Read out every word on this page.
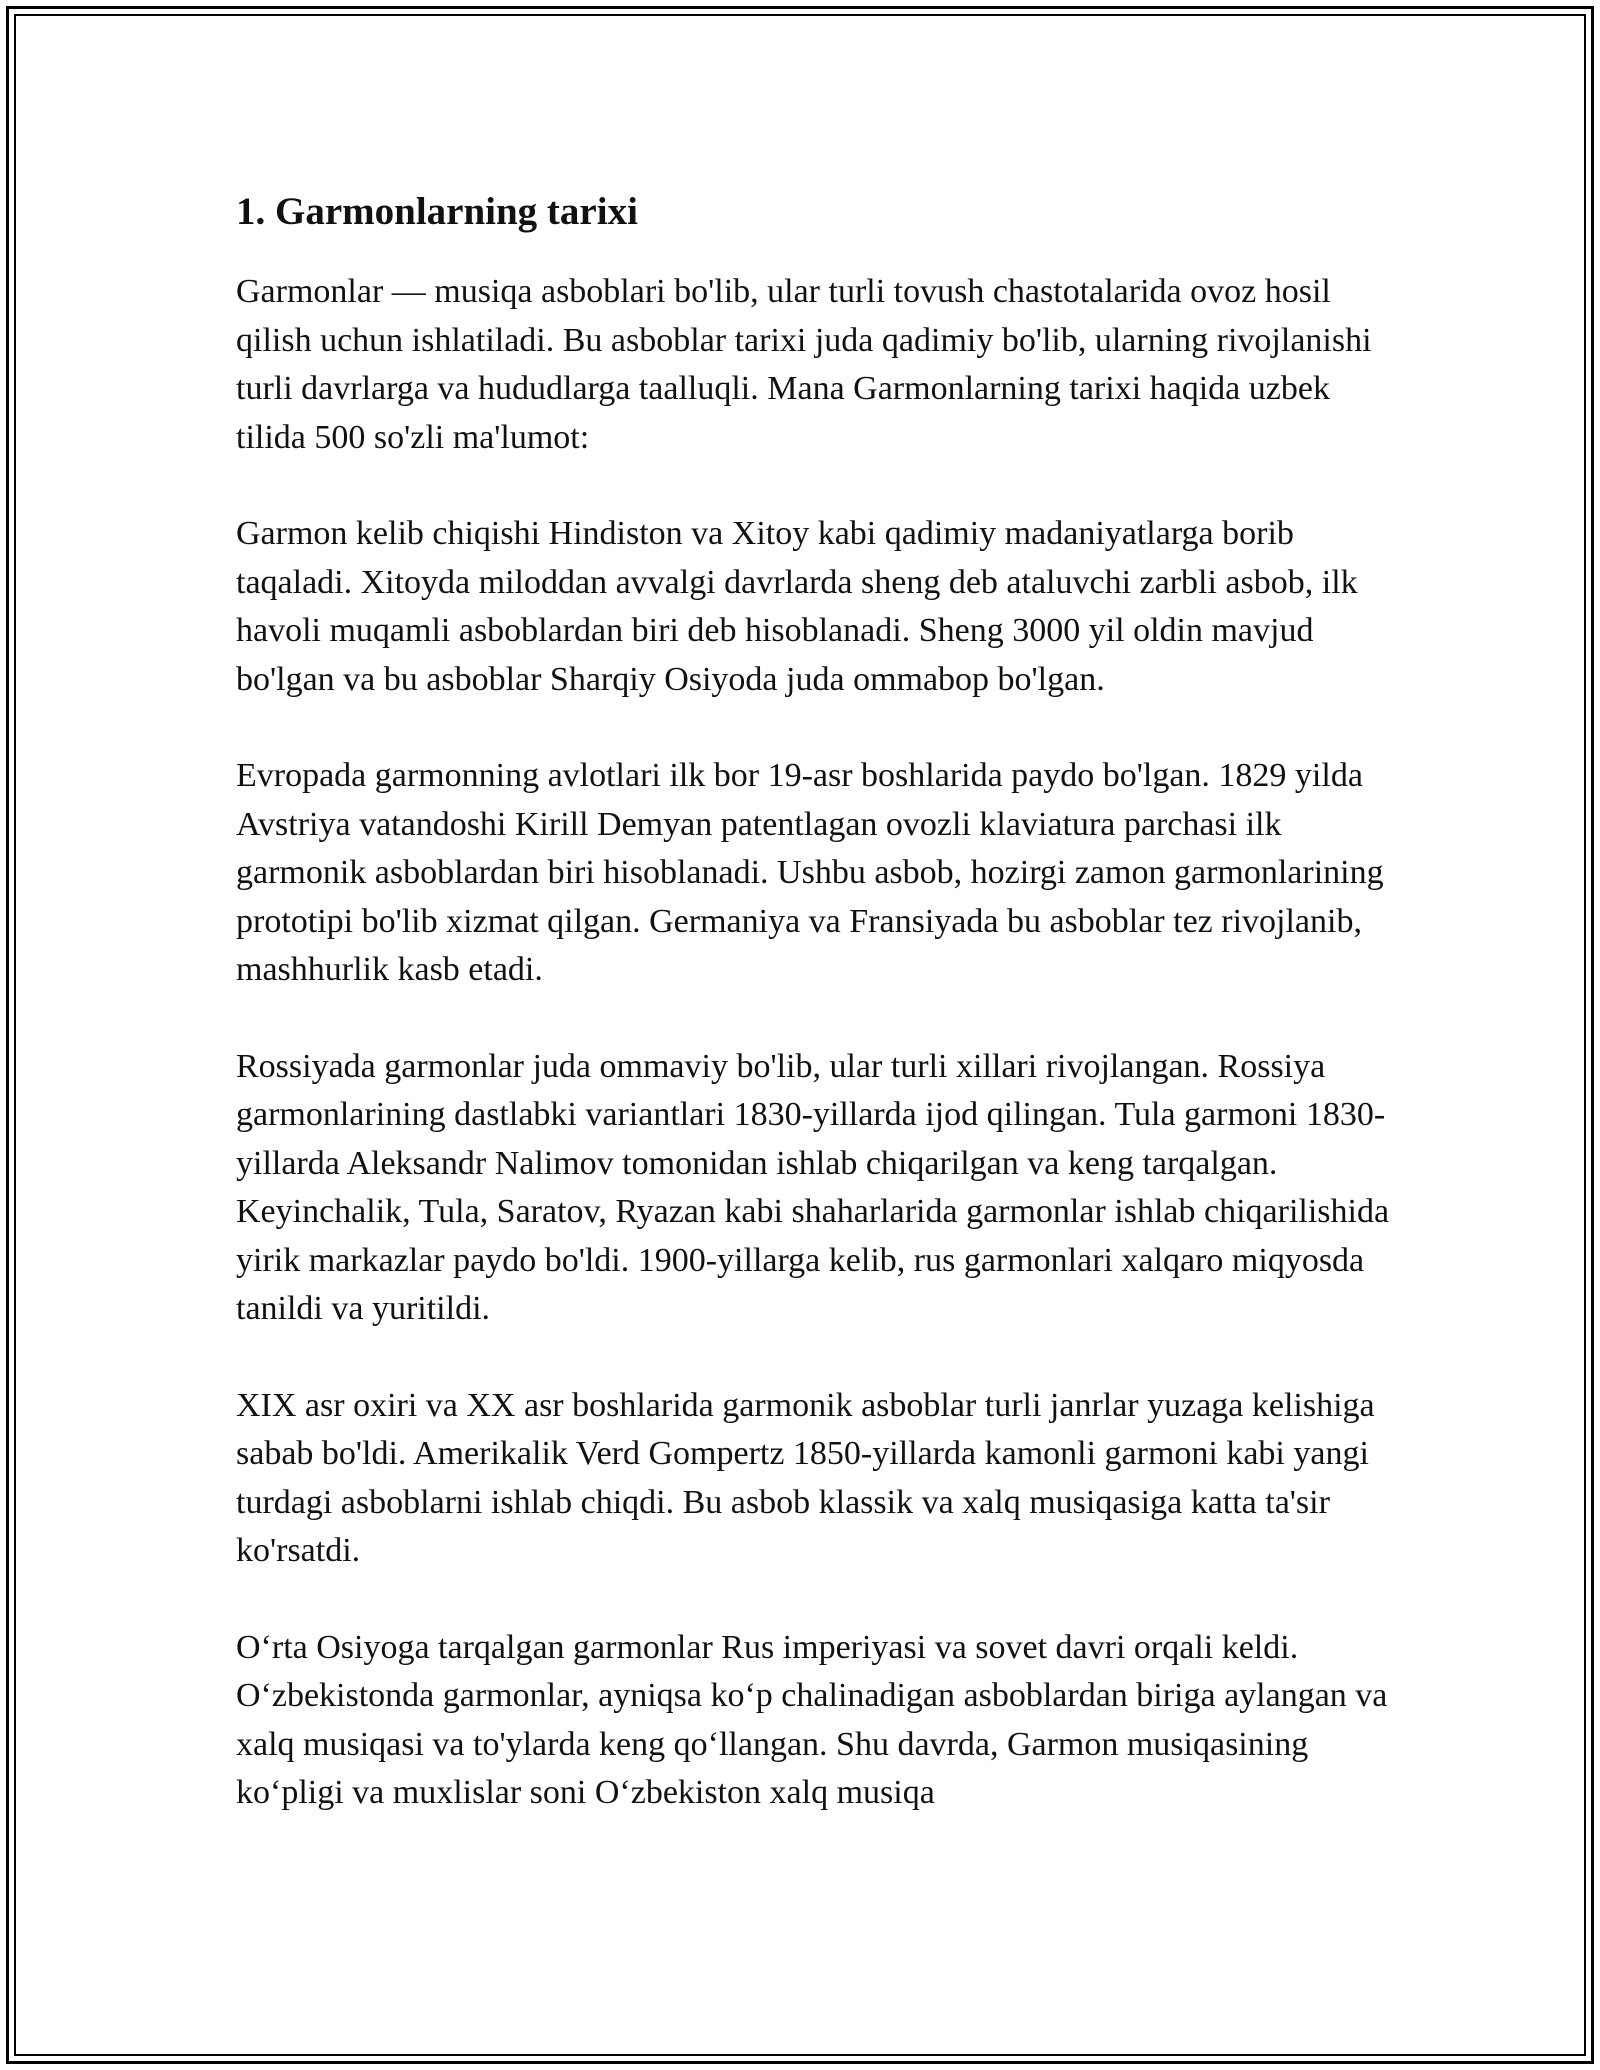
1. Garmonlarning tarixi

Garmonlar — musiqa asboblari bo'lib, ular turli tovush chastotalarida ovoz hosil qilish uchun ishlatiladi. Bu asboblar tarixi juda qadimiy bo'lib, ularning rivojlanishi turli davrlarga va hududlarga taalluqli. Mana Garmonlarning tarixi haqida uzbek tilida 500 so'zli ma'lumot:

Garmon kelib chiqishi Hindiston va Xitoy kabi qadimiy madaniyatlarga borib taqaladi. Xitoyda miloddan avvalgi davrlarda sheng deb ataluvchi zarbli asbob, ilk havoli muqamli asboblardan biri deb hisoblanadi. Sheng 3000 yil oldin mavjud bo'lgan va bu asboblar Sharqiy Osiyoda juda ommabop bo'lgan.

Evropada garmonning avlotlari ilk bor 19-asr boshlarida paydo bo'lgan. 1829 yilda Avstriya vatandoshi Kirill Demyan patentlagan ovozli klaviatura parchasi ilk garmonik asboblardan biri hisoblanadi. Ushbu asbob, hozirgi zamon garmonlarining prototipi bo'lib xizmat qilgan. Germaniya va Fransiyada bu asboblar tez rivojlanib, mashhurlik kasb etadi.

Rossiyada garmonlar juda ommaviy bo'lib, ular turli xillari rivojlangan. Rossiya garmonlarining dastlabki variantlari 1830-yillarda ijod qilingan. Tula garmoni 1830-yillarda Aleksandr Nalimov tomonidan ishlab chiqarilgan va keng tarqalgan. Keyinchalik, Tula, Saratov, Ryazan kabi shaharlarida garmonlar ishlab chiqarilishida yirik markazlar paydo bo'ldi. 1900-yillarga kelib, rus garmonlari xalqaro miqyosda tanildi va yuritildi.

XIX asr oxiri va XX asr boshlarida garmonik asboblar turli janrlar yuzaga kelishiga sabab bo'ldi. Amerikalik Verd Gompertz 1850-yillarda kamonli garmoni kabi yangi turdagi asboblarni ishlab chiqdi. Bu asbob klassik va xalq musiqasiga katta ta'sir ko'rsatdi.

O‘rta Osiyoga tarqalgan garmonlar Rus imperiyasi va sovet davri orqali keldi. O‘zbekistonda garmonlar, ayniqsa ko‘p chalinadigan asboblardan biriga aylangan va xalq musiqasi va to'ylarda keng qo‘llangan. Shu davrda, Garmon musiqasining ko‘pligi va muxlislar soni O‘zbekiston xalq musiqa
